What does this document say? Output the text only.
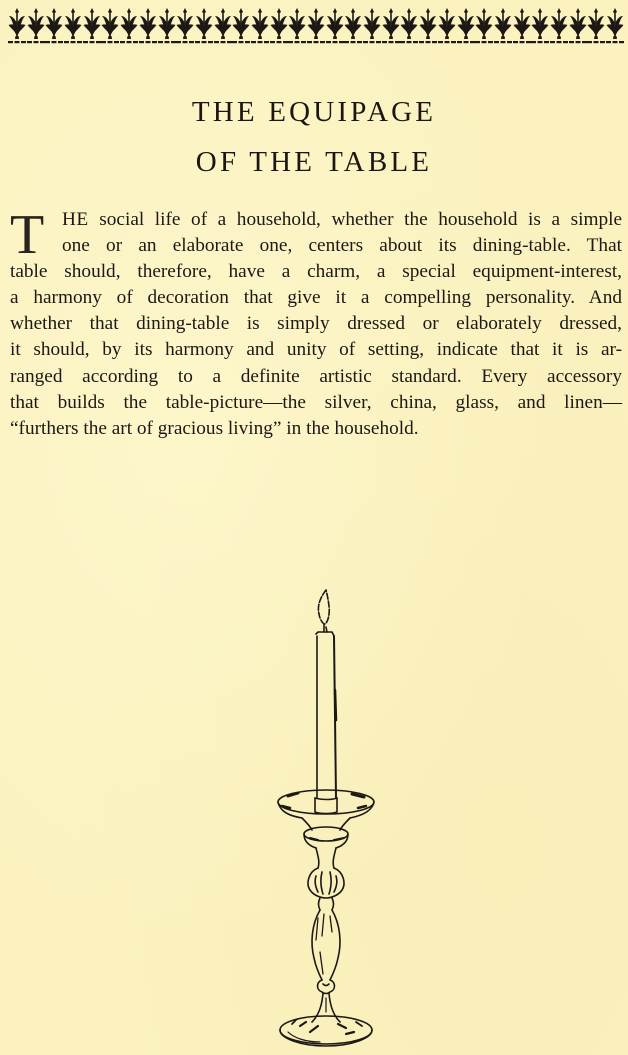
THE EQUIPAGE
OF THE TABLE
T HE social life of a household, whether the household is a simple
one or an elaborate one, centers about its dining-table. That
table should, therefore, have a charm, a special equipment-interest,
a harmony of decoration that give it a compelling personality. And
whether that dining-table is simply dressed or elaborately dressed,
it should, by its harmony and unity of setting, indicate that it is ar-
ranged according to a definite artistic standard. Every accessory
that builds the table-picture—the silver, china, glass, and linen—
“furthers the art of gracious living” in the household.
